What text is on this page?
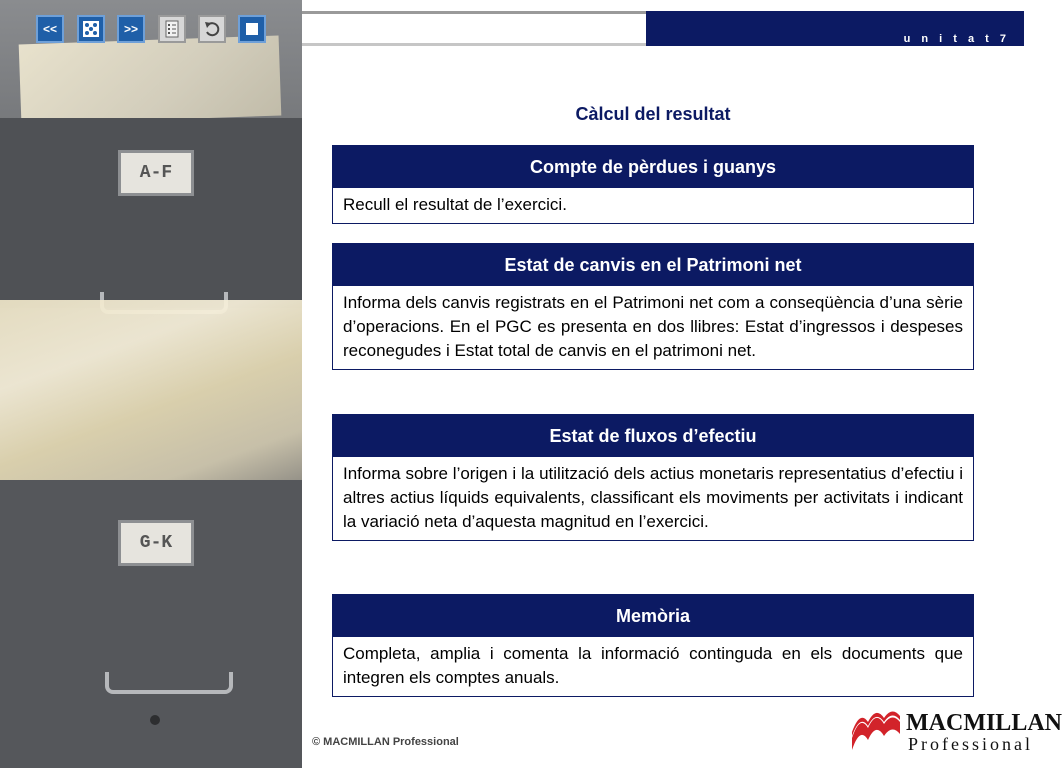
A-F
G-K
<<	>>
u n i t a t 7
Càlcul del resultat
Compte de pèrdues i guanys
Recull el resultat de l’exercici.
Estat de canvis en el Patrimoni net
Informa dels canvis registrats en el Patrimoni net com a conseqüència d’una sèrie d’operacions. En el PGC es presenta en dos llibres: Estat d’ingressos i despeses reconegudes i Estat total de canvis en el patrimoni net.
Estat de fluxos d’efectiu
Informa sobre l’origen i la utilització dels actius monetaris representatius d’efectiu i altres actius líquids equivalents, classificant els moviments per activitats i indicant la variació neta d’aquesta magnitud en l’exercici.
Memòria
Completa, amplia i comenta la informació continguda en els documents que integren els comptes anuals.
© MACMILLAN Professional
MACMILLAN
Professional
